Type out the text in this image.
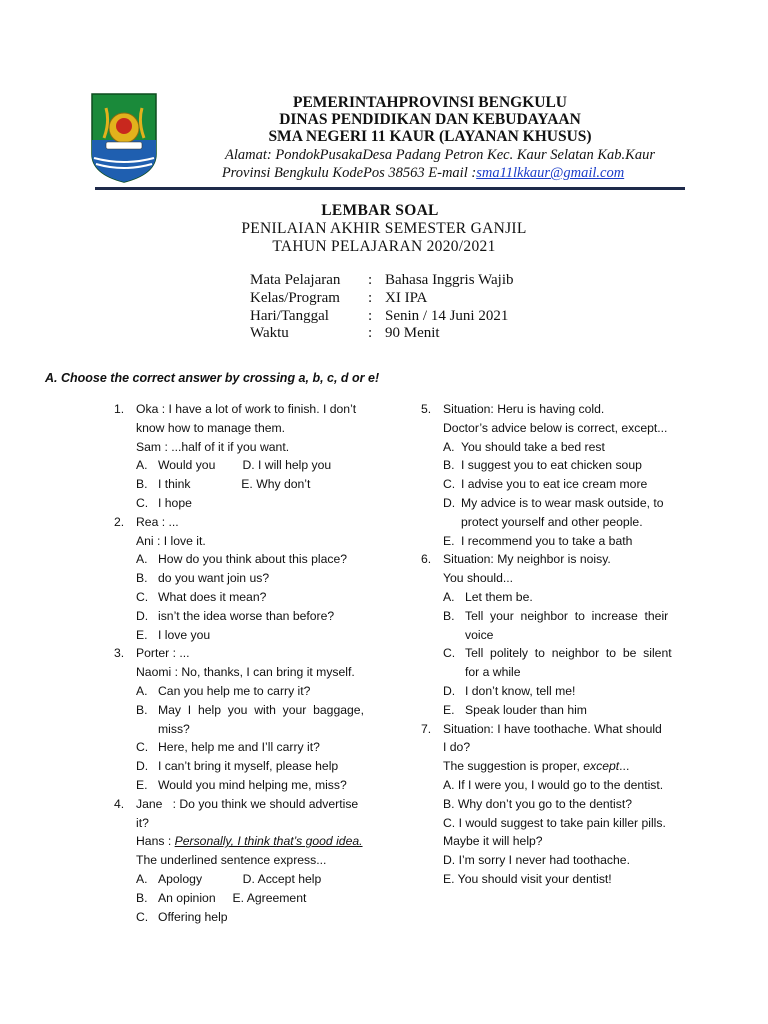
PEMERINTAHPROVINSI BENGKULU
DINAS PENDIDIKAN DAN KEBUDAYAAN
SMA NEGERI 11 KAUR (LAYANAN KHUSUS)
Alamat: PondokPusakaDesa Padang Petron Kec. Kaur Selatan Kab.Kaur
Provinsi Bengkulu KodePos 38563 E-mail :sma11lkkaur@gmail.com
LEMBAR SOAL
PENILAIAN AKHIR SEMESTER GANJIL
TAHUN PELAJARAN 2020/2021
Mata Pelajaran : Bahasa Inggris Wajib
Kelas/Program : XI IPA
Hari/Tanggal	: Senin / 14 Juni 2021
Waktu	: 90 Menit
A. Choose the correct answer by crossing a, b, c, d or e!
1. Oka : I have a lot of work to finish. I don’t
know how to manage them.
Sam : ...half of it if you want.
A. Would you        D. I will help you
B. I think               E. Why don’t
C. I hope
2. Rea : ...
Ani : I love it.
A. How do you think about this place?
B. do you want join us?
C. What does it mean?
D. isn’t the idea worse than before?
E. I love you
3. Porter : ...
Naomi : No, thanks, I can bring it myself.
A. Can you help me to carry it?
B. May  I  help  you  with  your  baggage,
miss?
C. Here, help me and I’ll carry it?
D. I can’t bring it myself, please help
E. Would you mind helping me, miss?
4. Jane   : Do you think we should advertise
it?
Hans : Personally, I think that’s good idea.
The underlined sentence express...
A. Apology            D. Accept help
B. An opinion     E. Agreement
C. Offering help
5. Situation: Heru is having cold.
Doctor’s advice below is correct, except...
A. You should take a bed rest
B. I suggest you to eat chicken soup
C. I advise you to eat ice cream more
D. My advice is to wear mask outside, to
protect yourself and other people.
E. I recommend you to take a bath
6. Situation: My neighbor is noisy.
You should...
A. Let them be.
B. Tell  your  neighbor  to  increase  their
voice
C. Tell  politely  to  neighbor  to  be  silent
for a while
D. I don’t know, tell me!
E. Speak louder than him
7. Situation: I have toothache. What should
I do?
The suggestion is proper, except...
A. If I were you, I would go to the dentist.
B. Why don’t you go to the dentist?
C. I would suggest to take pain killer pills.
Maybe it will help?
D. I’m sorry I never had toothache.
E. You should visit your dentist!
